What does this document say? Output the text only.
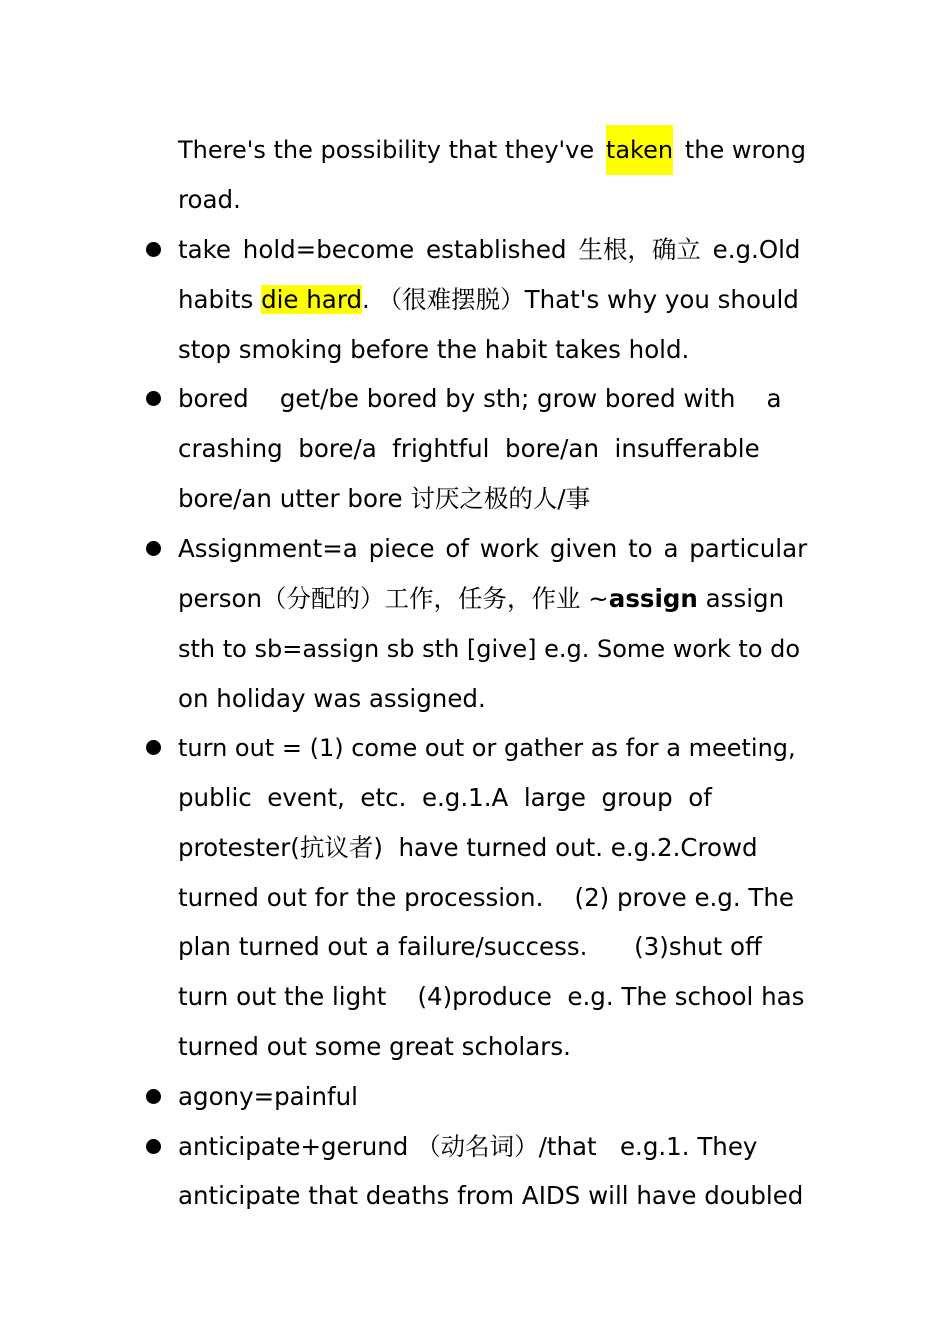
There's the possibility that they've taken the wrong
road.
take hold=become established 生根，确立 e.g.Old
habits die hard. （很难摆脱）That's why you should
stop smoking before the habit takes hold.
bored    get/be bored by sth; grow bored with    a
crashing  bore/a  frightful  bore/an  insufferable
bore/an utter bore 讨厌之极的人/事
Assignment=a piece of work given to a particular
person（分配的）工作，任务，作业 ~assign assign
sth to sb=assign sb sth [give] e.g. Some work to do
on holiday was assigned.
turn out = (1) come out or gather as for a meeting,
public  event,  etc.  e.g.1.A  large  group  of
protester(抗议者)  have turned out. e.g.2.Crowd
turned out for the procession.    (2) prove e.g. The
plan turned out a failure/success.      (3)shut off
turn out the light    (4)produce  e.g. The school has
turned out some great scholars.
agony=painful
anticipate+gerund （动名词）/that   e.g.1. They
anticipate that deaths from AIDS will have doubled
